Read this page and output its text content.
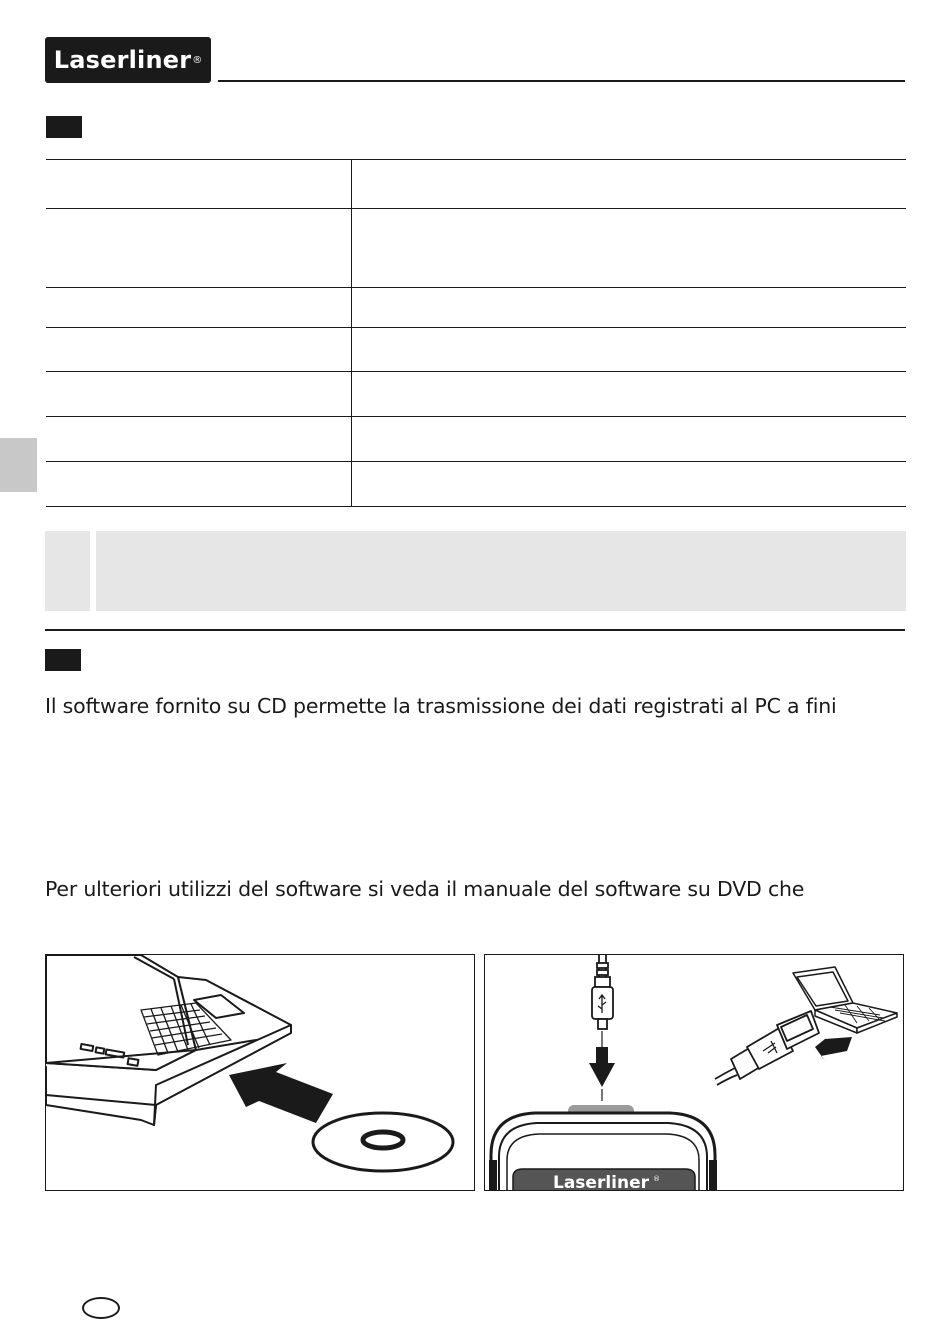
Laserliner ®

Il software fornito su CD permette la trasmissione dei dati registrati al PC a fini

Per ulteriori utilizzi del software si veda il manuale del software su DVD che

Laserliner ®
